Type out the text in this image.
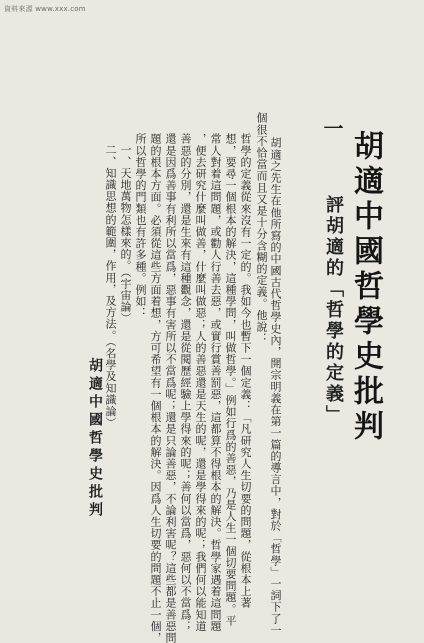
資料來源 www.xxx.com
胡適中國哲學史批判
一
評胡適的「哲學的定義」
胡適之先生在他所寫的中國古代哲學史內，開宗明義在第一篇的導言中，對於「哲學」一詞下了一
個很不恰當而且又是十分含糊的定義。他說：
哲學的定義從來沒有一定的。我如今也暫下一個定義：「凡研究人生切要的問題，從根本上著
想，要尋一個根本的解決，這種學問，叫做哲學。」例如行爲的善惡，乃是人生一個切要問題。平
常人對着這問題，或勸人行善去惡，或實行賞善罰惡，這都算不得根本的解決。哲學家遇着這問題
，便去研究什麼叫做善，什麼叫做惡；人的善惡還是天生的呢，還是學得來的呢；我們何以能知道
善惡的分別，還是生來有這種觀念，還是從閱歷經驗上學得來的呢；善何以當爲，惡何以不當爲；
還是因爲善事有利所以當爲，惡事有害所以不當爲呢；還是只論善惡，不論利害呢？這些都是善惡問
題的根本方面。必須從這些方面着想，方可希望有一個根本的解決。因爲人生切要的問題不止一個，
所以哲學的門類也有許多種。例如：
一、天地萬物怎樣來的。（宇宙論）
二、知識思想的範圍，作用，及方法。（名學及知識論）
胡適中國哲學史批判
